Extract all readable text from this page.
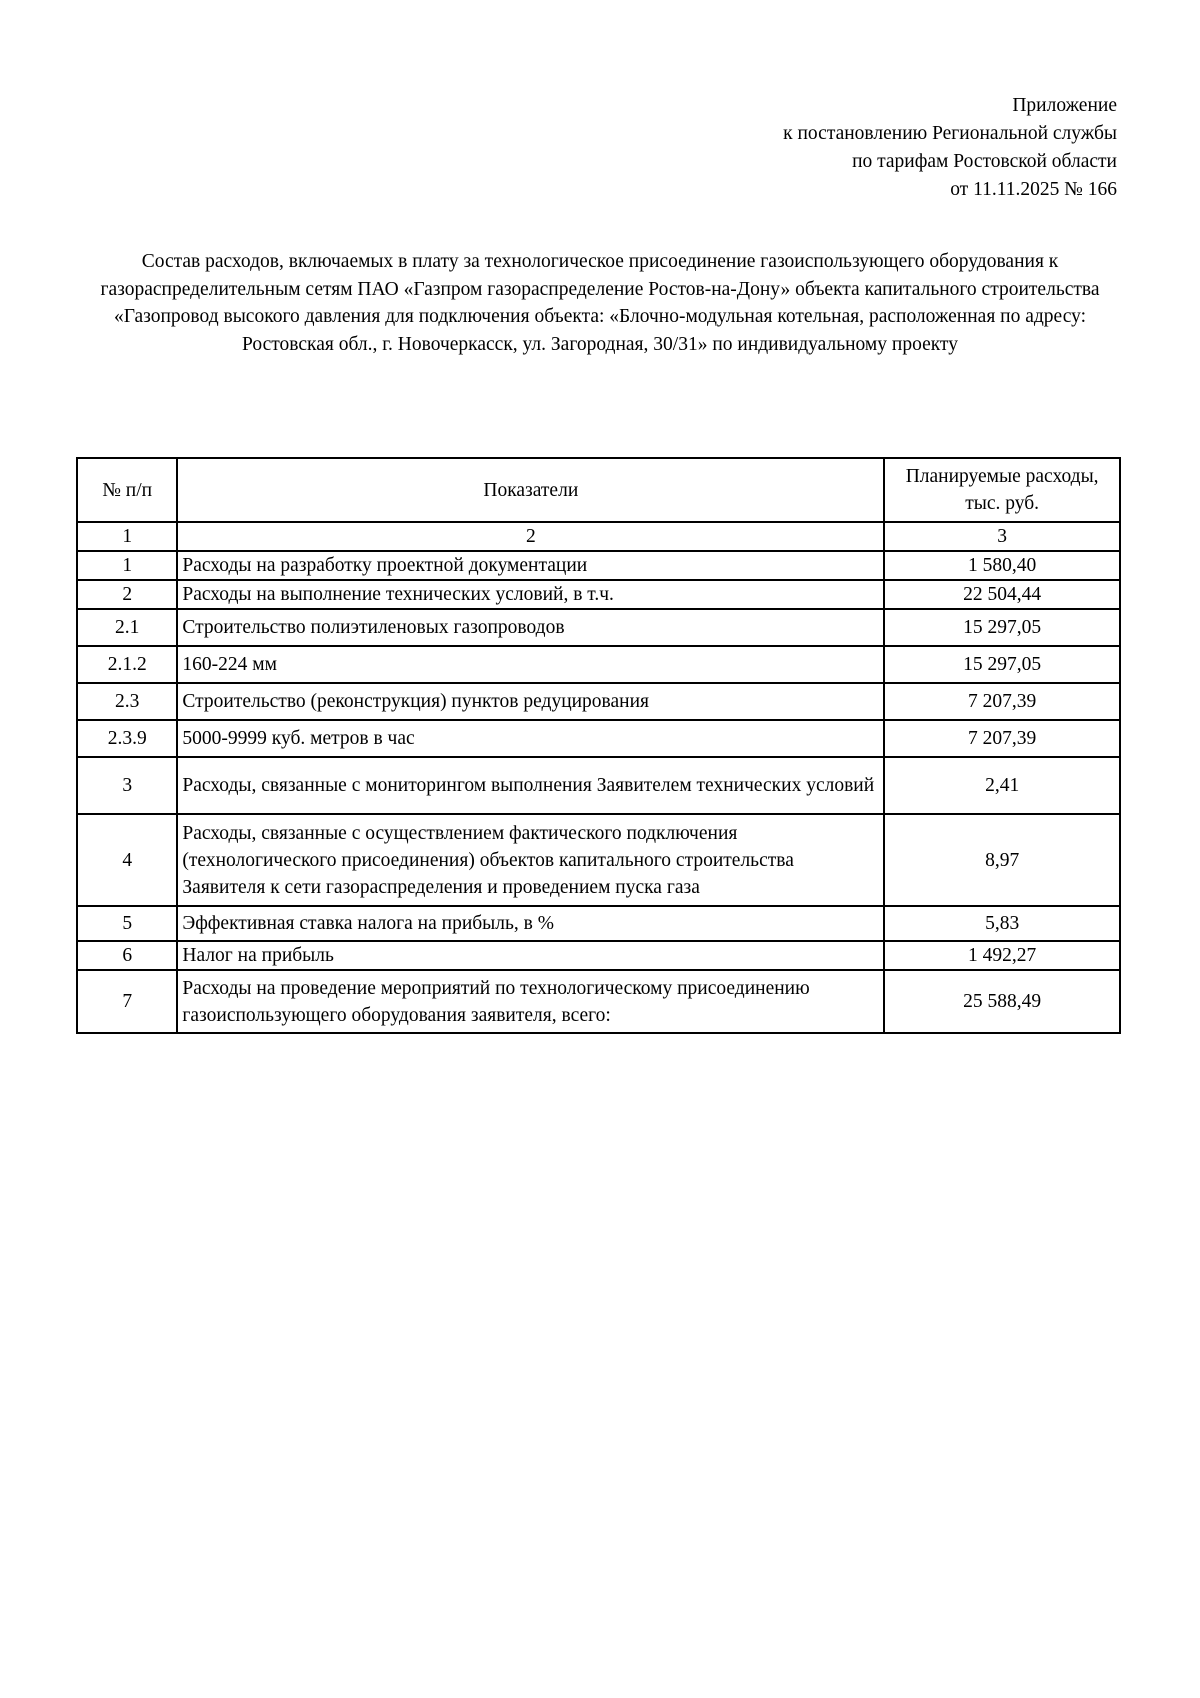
Приложение
к постановлению Региональной службы
по тарифам Ростовской области
от 11.11.2025 № 166
Состав расходов, включаемых в плату за технологическое присоединение газоиспользующего оборудования к газораспределительным сетям ПАО «Газпром газораспределение Ростов-на-Дону» объекта капитального строительства «Газопровод высокого давления для подключения объекта: «Блочно-модульная котельная, расположенная по адресу: Ростовская обл., г. Новочеркасск, ул. Загородная, 30/31» по индивидуальному проекту
№ п/п	Показатели	Планируемые расходы, тыс. руб.
1	2	3
1	Расходы на разработку проектной документации	1 580,40
2	Расходы на выполнение технических условий, в т.ч.	22 504,44
2.1	Строительство полиэтиленовых газопроводов	15 297,05
2.1.2	160-224 мм	15 297,05
2.3	Строительство (реконструкция) пунктов редуцирования	7 207,39
2.3.9	5000-9999 куб. метров в час	7 207,39
3	Расходы, связанные с мониторингом выполнения Заявителем технических условий	2,41
4	Расходы, связанные с осуществлением фактического подключения (технологического присоединения) объектов капитального строительства Заявителя к сети газораспределения и проведением пуска газа	8,97
5	Эффективная ставка налога на прибыль, в %	5,83
6	Налог на прибыль	1 492,27
7	Расходы на проведение мероприятий по технологическому присоединению газоиспользующего оборудования заявителя, всего:	25 588,49
